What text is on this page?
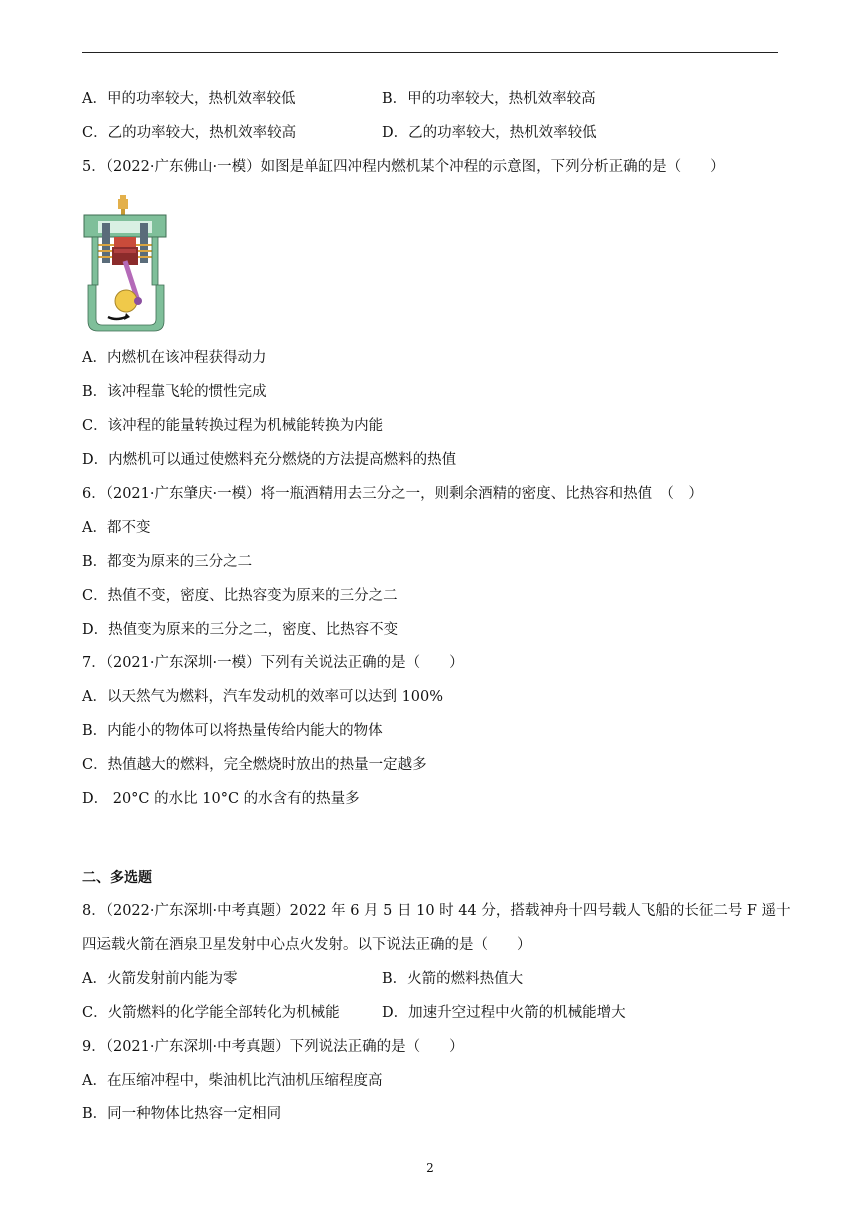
A．甲的功率较大，热机效率较低	B．甲的功率较大，热机效率较高
C．乙的功率较大，热机效率较高	D．乙的功率较大，热机效率较低
5．（2022·广东佛山·一模）如图是单缸四冲程内燃机某个冲程的示意图，下列分析正确的是（　　）
A．内燃机在该冲程获得动力
B．该冲程靠飞轮的惯性完成
C．该冲程的能量转换过程为机械能转换为内能
D．内燃机可以通过使燃料充分燃烧的方法提高燃料的热值
6．（2021·广东肇庆·一模）将一瓶酒精用去三分之一，则剩余酒精的密度、比热容和热值　（　）
A．都不变
B．都变为原来的三分之二
C．热值不变，密度、比热容变为原来的三分之二
D．热值变为原来的三分之二，密度、比热容不变
7．（2021·广东深圳·一模）下列有关说法正确的是（　　）
A．以天然气为燃料，汽车发动机的效率可以达到 100%
B．内能小的物体可以将热量传给内能大的物体
C．热值越大的燃料，完全燃烧时放出的热量一定越多
D． 20°C 的水比 10°C 的水含有的热量多
二、多选题
8．（2022·广东深圳·中考真题）2022 年 6 月 5 日 10 时 44 分，搭载神舟十四号载人飞船的长征二号 F 遥十
四运载火箭在酒泉卫星发射中心点火发射。以下说法正确的是（　　）
A．火箭发射前内能为零	B．火箭的燃料热值大
C．火箭燃料的化学能全部转化为机械能	D．加速升空过程中火箭的机械能增大
9．（2021·广东深圳·中考真题）下列说法正确的是（　　）
A．在压缩冲程中，柴油机比汽油机压缩程度高
B．同一种物体比热容一定相同
2
